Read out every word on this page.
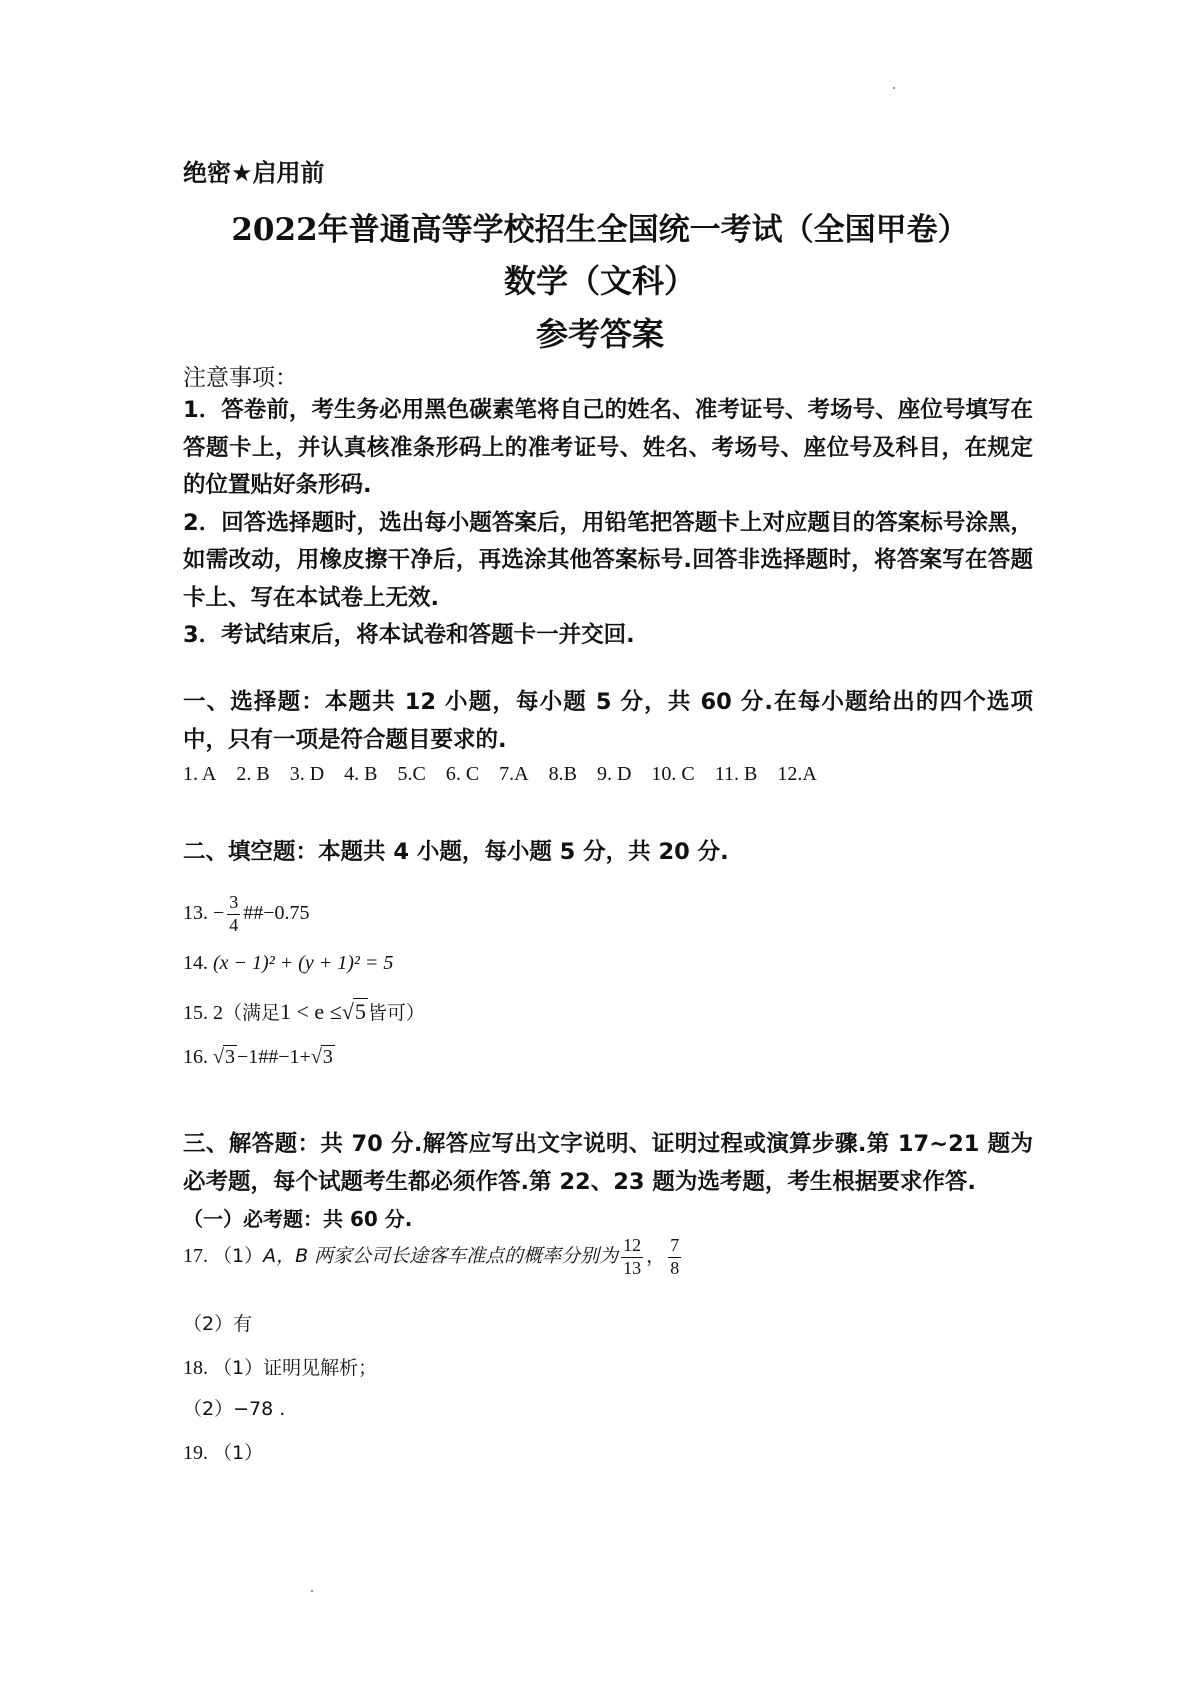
绝密★启用前
2022年普通高等学校招生全国统一考试（全国甲卷）
数学（文科）
参考答案
注意事项：

1．答卷前，考生务必用黑色碳素笔将自己的姓名、准考证号、考场号、座位号填写在答题卡上，并认真核准条形码上的准考证号、姓名、考场号、座位号及科目，在规定的位置贴好条形码.

2．回答选择题时，选出每小题答案后，用铅笔把答题卡上对应题目的答案标号涂黑，如需改动，用橡皮擦干净后，再选涂其他答案标号.回答非选择题时，将答案写在答题卡上、写在本试卷上无效.

3．考试结束后，将本试卷和答题卡一并交回.

一、选择题：本题共 12 小题，每小题 5 分，共 60 分.在每小题给出的四个选项中，只有一项是符合题目要求的.

1. A 2. B 3. D 4. B 5.C 6. C 7.A 8.B 9. D 10. C 11. B 12.A

二、填空题：本题共 4 小题，每小题 5 分，共 20 分.

13. − $\frac{3}{4}$ ##−0.75
14. (x − 1)² + (y + 1)² = 5
15. 2（满足1 < e ≤√5 皆可）
16. √3 −1##−1+√3

三、解答题：共 70 分.解答应写出文字说明、证明过程或演算步骤.第 17~21 题为必考题，每个试题考生都必须作答.第 22、23 题为选考题，考生根据要求作答.

（一）必考题：共 60 分.

17. （1）A，B 两家公司长途客车准点的概率分别为 $\frac{12}{13}$ ， $\frac{7}{8}$
（2）有
18. （1）证明见解析；
（2）−78 .
19. （1）
